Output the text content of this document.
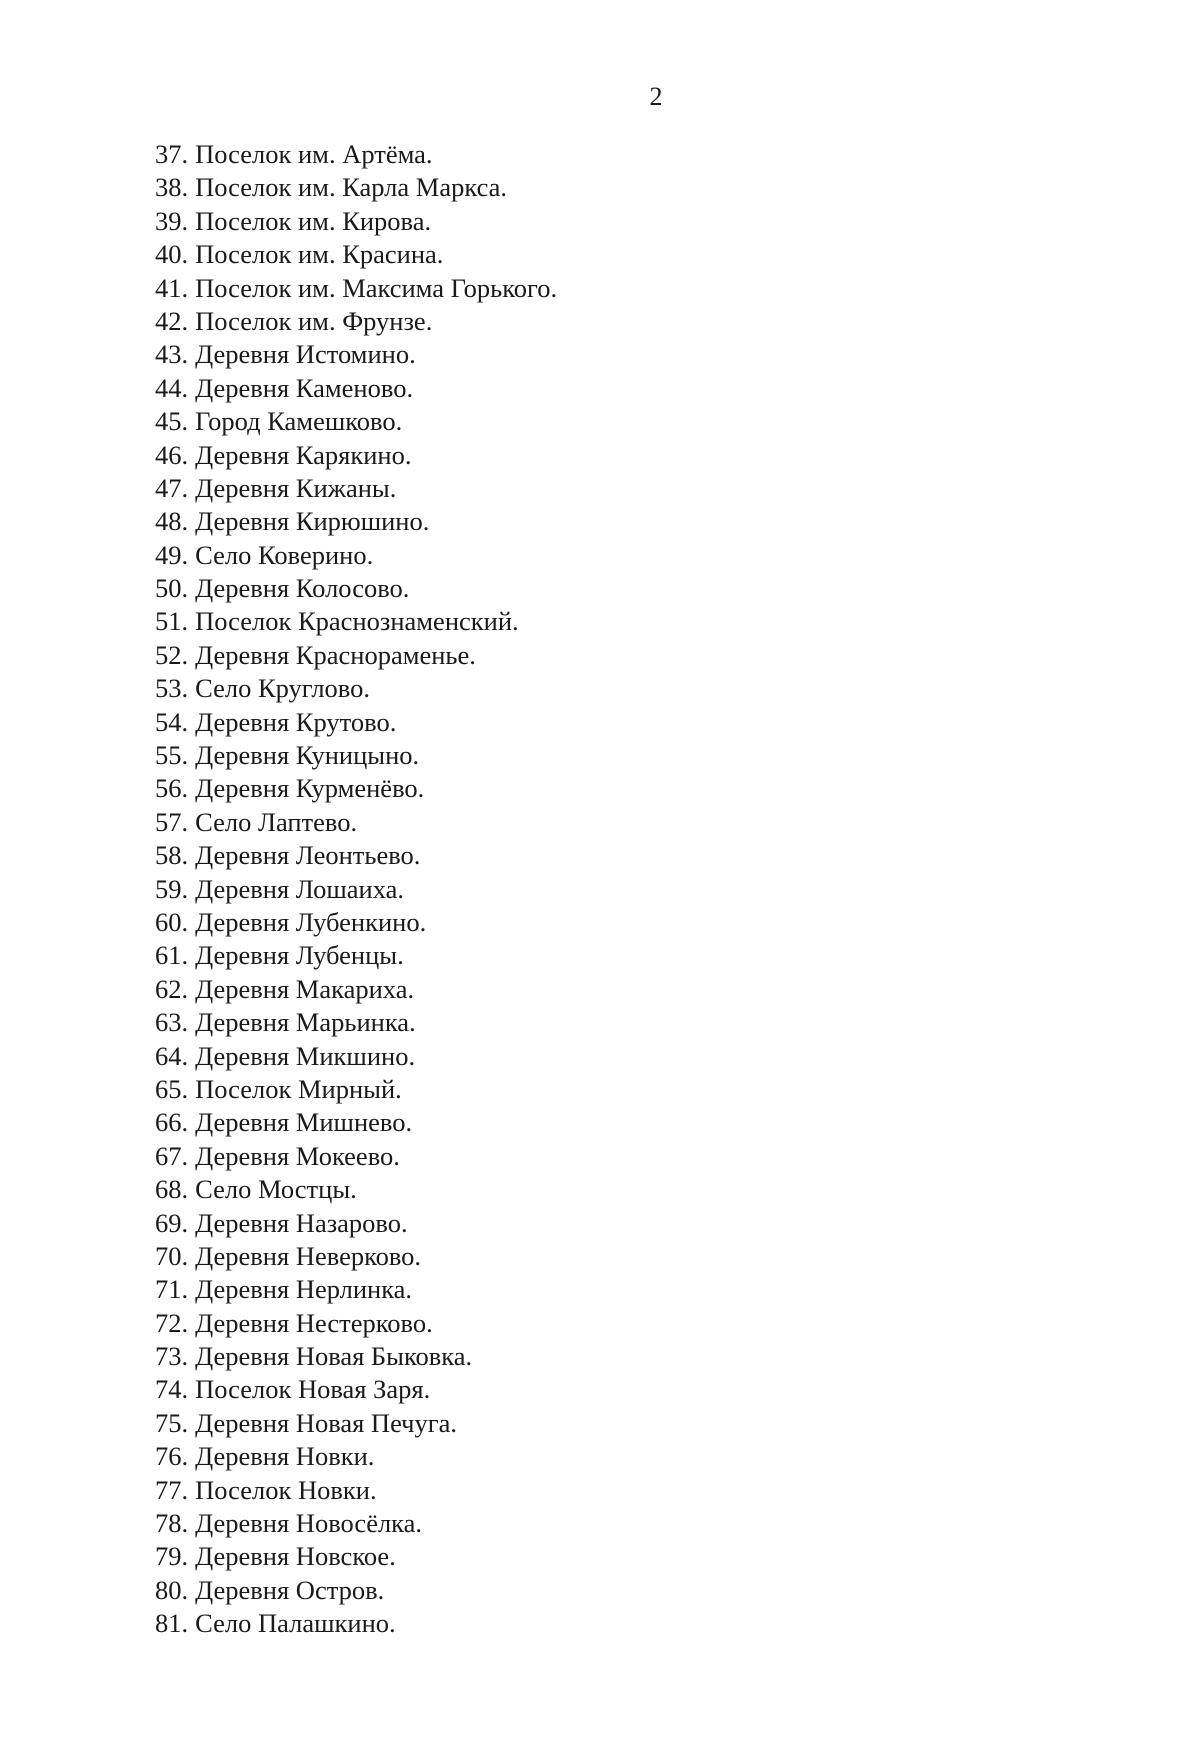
2
37. Поселок им. Артёма.
38. Поселок им. Карла Маркса.
39. Поселок им. Кирова.
40. Поселок им. Красина.
41. Поселок им. Максима Горького.
42. Поселок им. Фрунзе.
43. Деревня Истомино.
44. Деревня Каменово.
45. Город Камешково.
46. Деревня Карякино.
47. Деревня Кижаны.
48. Деревня Кирюшино.
49. Село Коверино.
50. Деревня Колосово.
51. Поселок Краснознаменский.
52. Деревня Краснораменье.
53. Село Круглово.
54. Деревня Крутово.
55. Деревня Куницыно.
56. Деревня Курменёво.
57. Село Лаптево.
58. Деревня Леонтьево.
59. Деревня Лошаиха.
60. Деревня Лубенкино.
61. Деревня Лубенцы.
62. Деревня Макариха.
63. Деревня Марьинка.
64. Деревня Микшино.
65. Поселок Мирный.
66. Деревня Мишнево.
67. Деревня Мокеево.
68. Село Мостцы.
69. Деревня Назарово.
70. Деревня Неверково.
71. Деревня Нерлинка.
72. Деревня Нестерково.
73. Деревня Новая Быковка.
74. Поселок Новая Заря.
75. Деревня Новая Печуга.
76. Деревня Новки.
77. Поселок Новки.
78. Деревня Новосёлка.
79. Деревня Новское.
80. Деревня Остров.
81. Село Палашкино.
